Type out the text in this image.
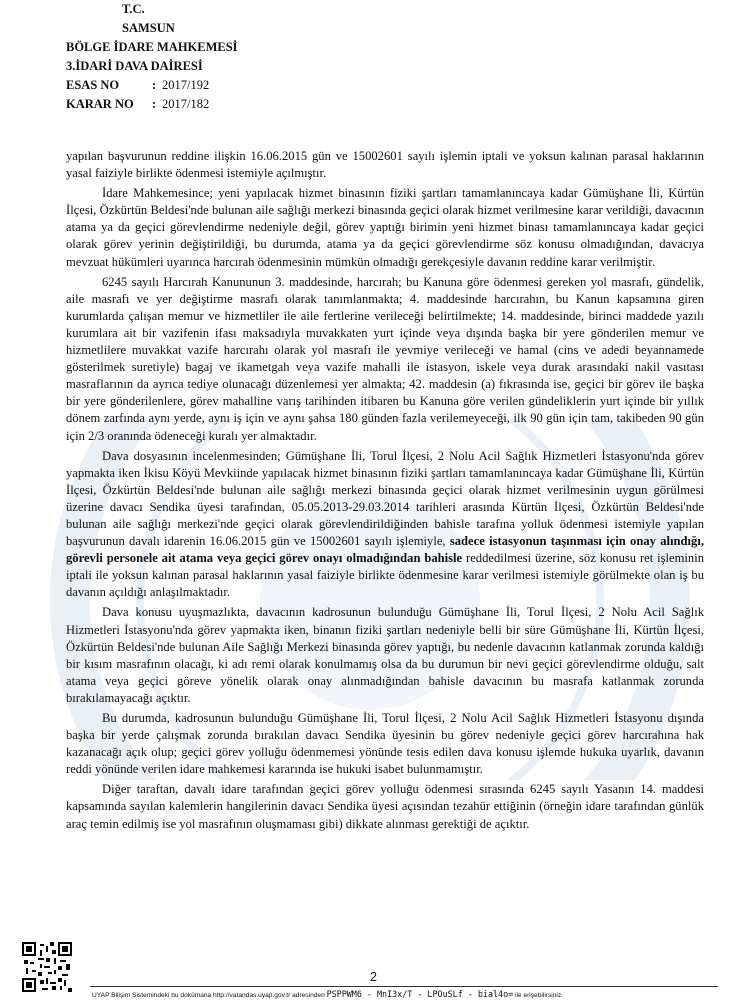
T.C.
SAMSUN
BÖLGE İDARE MAHKEMESİ
3.İDARİ DAVA DAİRESİ
ESAS NO	: 2017/192
KARAR NO	: 2017/182

yapılan başvurunun reddine ilişkin 16.06.2015 gün ve 15002601 sayılı işlemin iptali ve yoksun kalınan parasal haklarının yasal faiziyle birlikte ödenmesi istemiyle açılmıştır.

İdare Mahkemesince; yeni yapılacak hizmet binasının fiziki şartları tamamlanıncaya kadar Gümüşhane İli, Kürtün İlçesi, Özkürtün Beldesi'nde bulunan aile sağlığı merkezi binasında geçici olarak hizmet verilmesine karar verildiği, davacının atama ya da geçici görevlendirme nedeniyle değil, görev yaptığı birimin yeni hizmet binası tamamlanıncaya kadar geçici olarak görev yerinin değiştirildiği, bu durumda, atama ya da geçici görevlendirme söz konusu olmadığından, davacıya mevzuat hükümleri uyarınca harcırah ödenmesinin mümkün olmadığı gerekçesiyle davanın reddine karar verilmiştir.

6245 sayılı Harcırah Kanununun 3. maddesinde, harcırah; bu Kanuna göre ödenmesi gereken yol masrafı, gündelik, aile masrafı ve yer değiştirme masrafı olarak tanımlanmakta; 4. maddesinde harcırahın, bu Kanun kapsamına giren kurumlarda çalışan memur ve hizmetliler ile aile fertlerine verileceği belirtilmekte; 14. maddesinde, birinci maddede yazılı kurumlara ait bir vazifenin ifası maksadıyla muvakkaten yurt içinde veya dışında başka bir yere gönderilen memur ve hizmetlilere muvakkat vazife harcırahı olarak yol masrafı ile yevmiye verileceği ve hamal (cins ve adedi beyannamede gösterilmek suretiyle) bagaj ve ikametgah veya vazife mahalli ile istasyon, iskele veya durak arasındaki nakil vasıtası masraflarının da ayrıca tediye olunacağı düzenlemesi yer almakta; 42. maddesin (a) fıkrasında ise, geçici bir görev ile başka bir yere gönderilenlere, görev mahalline varış tarihinden itibaren bu Kanuna göre verilen gündeliklerin yurt içinde bir yıllık dönem zarfında aynı yerde, aynı iş için ve aynı şahsa 180 günden fazla verilemeyeceği, ilk 90 gün için tam, takibeden 90 gün için 2/3 oranında ödeneceği kuralı yer almaktadır.

Dava dosyasının incelenmesinden; Gümüşhane İli, Torul İlçesi, 2 Nolu Acil Sağlık Hizmetleri İstasyonu'nda görev yapmakta iken İkisu Köyü Mevkiinde yapılacak hizmet binasının fiziki şartları tamamlanıncaya kadar Gümüşhane İli, Kürtün İlçesi, Özkürtün Beldesi'nde bulunan aile sağlığı merkezi binasında geçici olarak hizmet verilmesinin uygun görülmesi üzerine davacı Sendika üyesi tarafından, 05.05.2013-29.03.2014 tarihleri arasında Kürtün İlçesi, Özkürtün Beldesi'nde bulunan aile sağlığı merkezi'nde geçici olarak görevlendirildiğinden bahisle tarafına yolluk ödenmesi istemiyle yapılan başvurunun davalı idarenin 16.06.2015 gün ve 15002601 sayılı işlemiyle, sadece istasyonun taşınması için onay alındığı, görevli personele ait atama veya geçici görev onayı olmadığından bahisle reddedilmesi üzerine, söz konusu ret işleminin iptali ile yoksun kalınan parasal haklarının yasal faiziyle birlikte ödenmesine karar verilmesi istemiyle görülmekte olan iş bu davanın açıldığı anlaşılmaktadır.

Dava konusu uyuşmazlıkta, davacının kadrosunun bulunduğu Gümüşhane İli, Torul İlçesi, 2 Nolu Acil Sağlık Hizmetleri İstasyonu'nda görev yapmakta iken, binanın fiziki şartları nedeniyle belli bir süre Gümüşhane İli, Kürtün İlçesi, Özkürtün Beldesi'nde bulunan Aile Sağlığı Merkezi binasında görev yaptığı, bu nedenle davacının katlanmak zorunda kaldığı bir kısım masrafının olacağı, ki adı remi olarak konulmamış olsa da bu durumun bir nevi geçici görevlendirme olduğu, salt atama veya geçici göreve yönelik olarak onay alınmadığından bahisle davacının bu masrafa katlanmak zorunda bırakılamayacağı açıktır.

Bu durumda, kadrosunun bulunduğu Gümüşhane İli, Torul İlçesi, 2 Nolu Acil Sağlık Hizmetleri İstasyonu dışında başka bir yerde çalışmak zorunda bırakılan davacı Sendika üyesinin bu görev nedeniyle geçici görev harcırahına hak kazanacağı açık olup; geçici görev yolluğu ödenmemesi yönünde tesis edilen dava konusu işlemde hukuka uyarlık, davanın reddi yönünde verilen idare mahkemesi kararında ise hukuki isabet bulunmamıştır.

Diğer taraftan, davalı idare tarafından geçici görev yolluğu ödenmesi sırasında 6245 sayılı Yasanın 14. maddesi kapsamında sayılan kalemlerin hangilerinin davacı Sendika üyesi açısından tezahür ettiğinin (örneğin idare tarafından günlük araç temin edilmiş ise yol masrafının oluşmaması gibi) dikkate alınması gerektiği de açıktır.

2
UYAP Bilişim Sistemindeki bu dokümana http://vatandas.uyap.gov.tr adresinden PSPPWM6 - MnI3x/T - LPOuSLf - bial4o= ile erişebilirsiniz.
